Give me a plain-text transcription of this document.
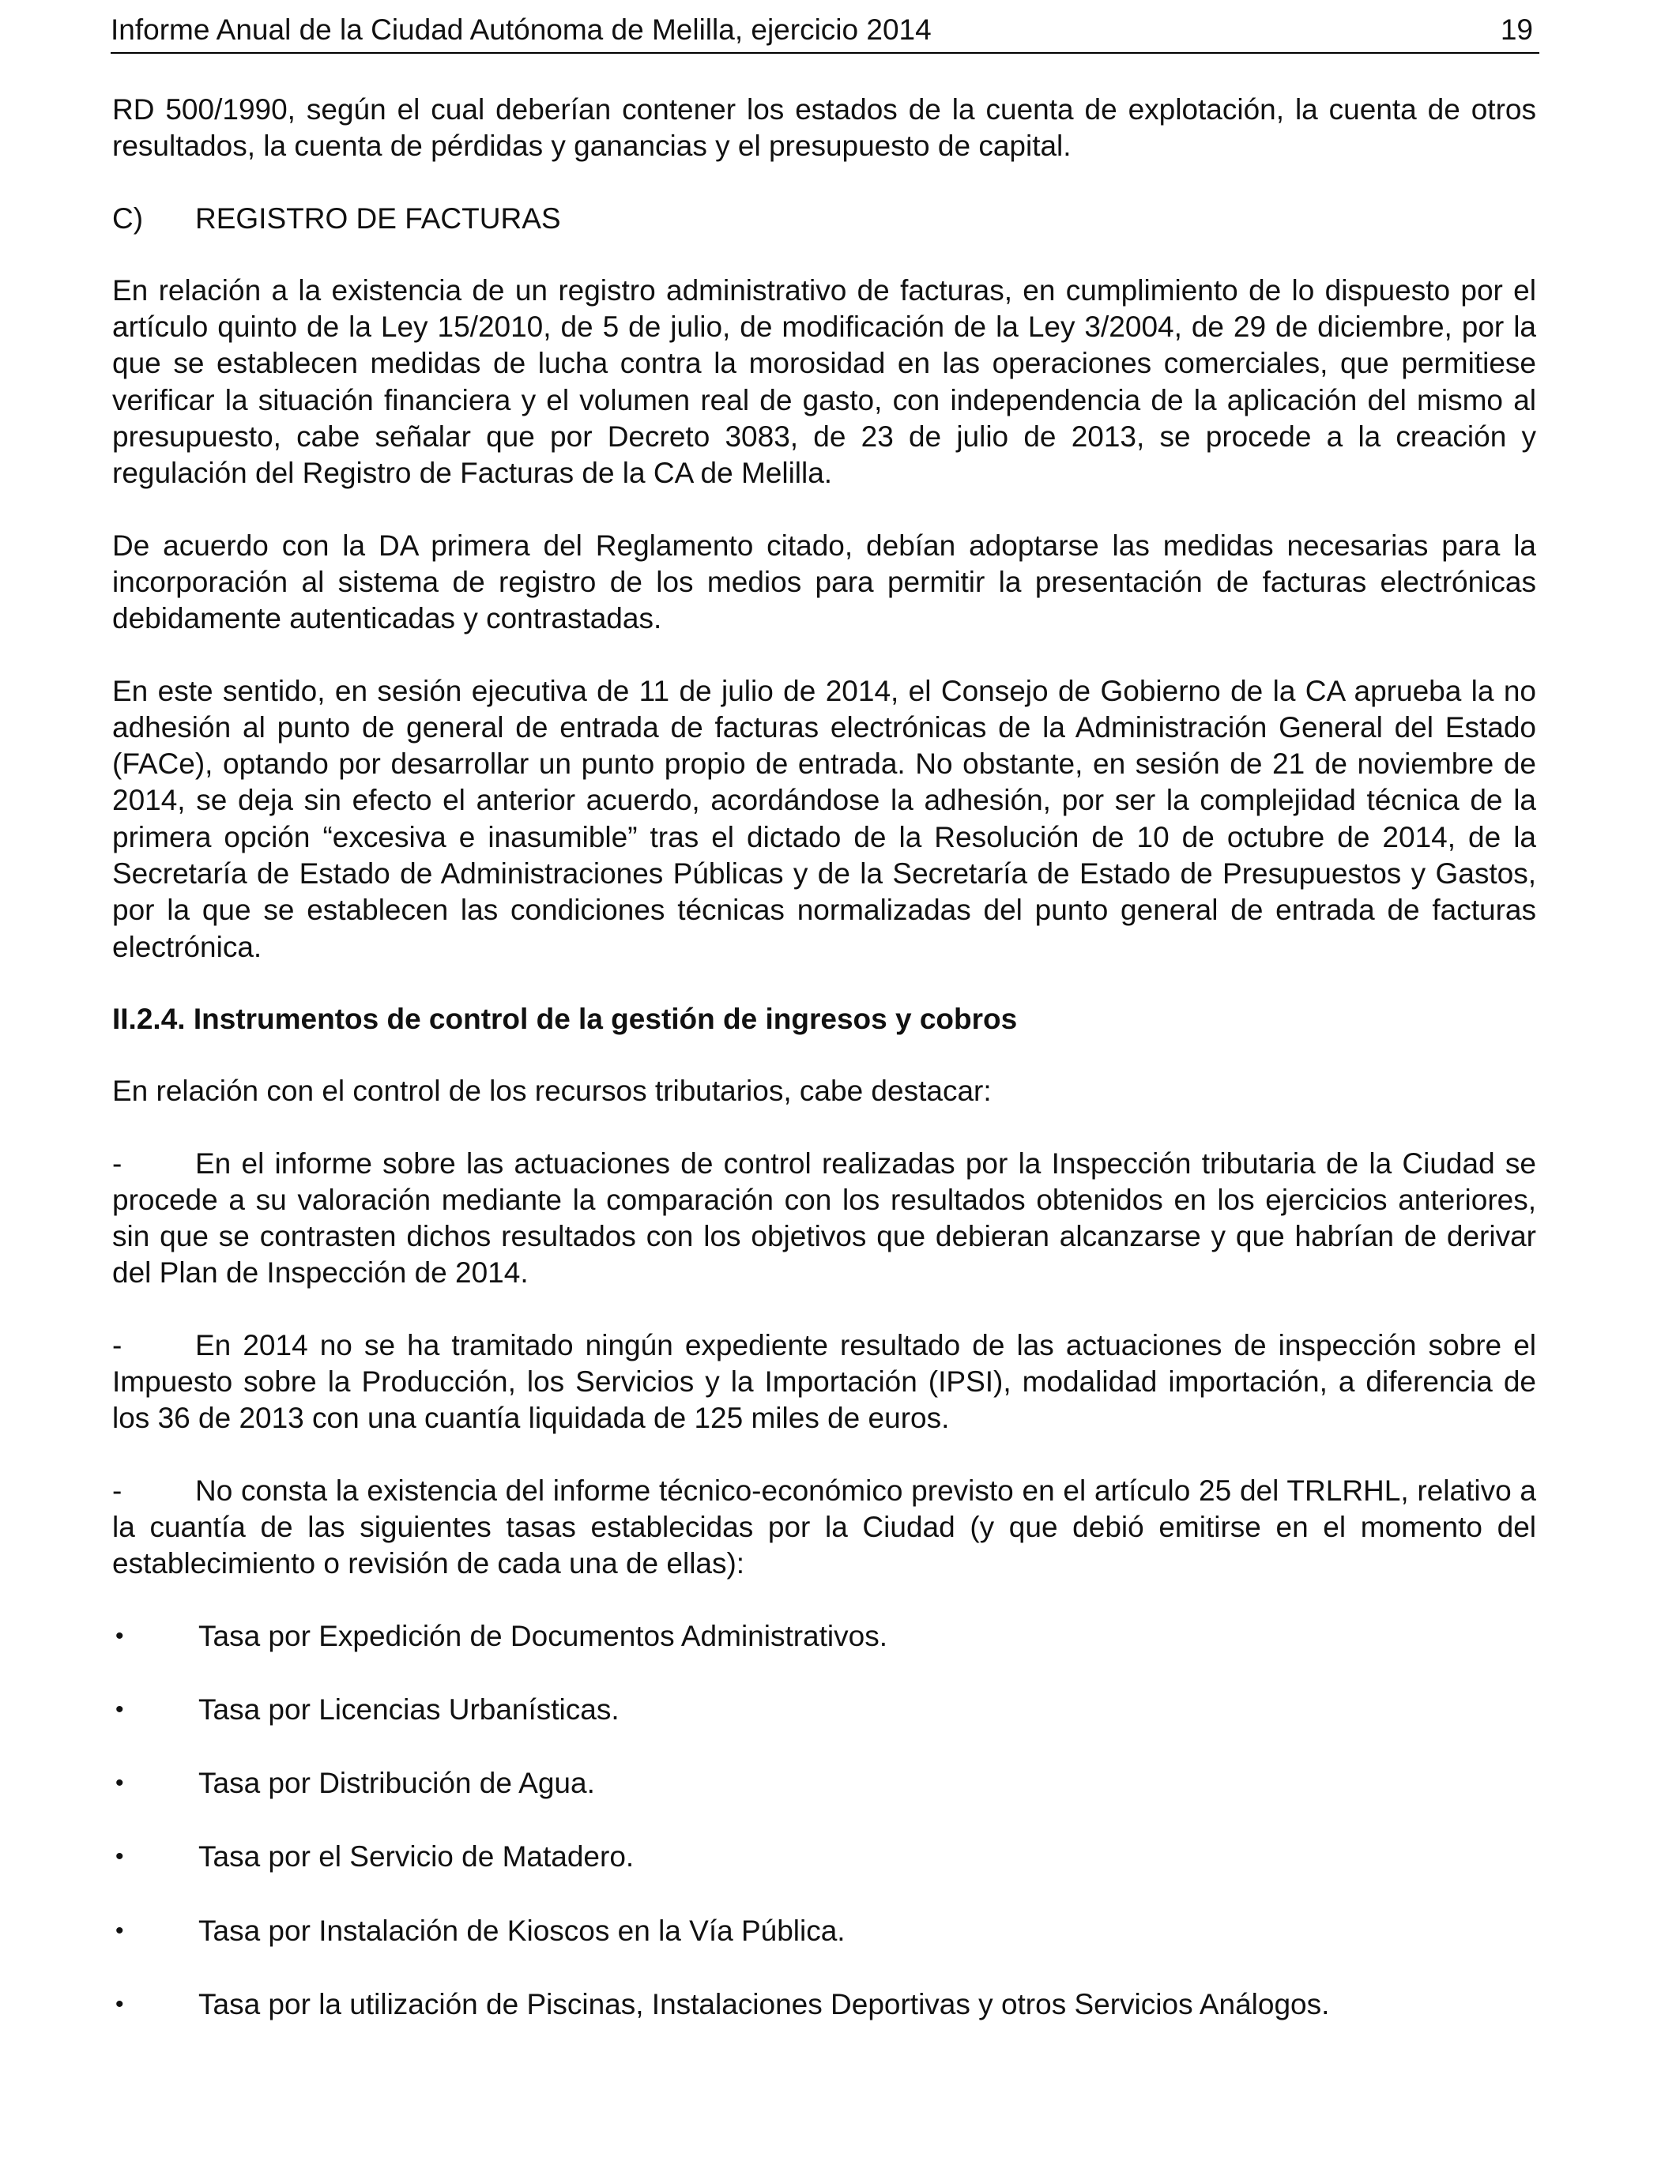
Informe Anual de la Ciudad Autónoma de Melilla, ejercicio 2014	19

RD 500/1990, según el cual deberían contener los estados de la cuenta de explotación, la cuenta de otros resultados, la cuenta de pérdidas y ganancias y el presupuesto de capital.

C)	REGISTRO DE FACTURAS

En relación a la existencia de un registro administrativo de facturas, en cumplimiento de lo dispuesto por el artículo quinto de la Ley 15/2010, de 5 de julio, de modificación de la Ley 3/2004, de 29 de diciembre, por la que se establecen medidas de lucha contra la morosidad en las operaciones comerciales, que permitiese verificar la situación financiera y el volumen real de gasto, con independencia de la aplicación del mismo al presupuesto, cabe señalar que por Decreto 3083, de 23 de julio de 2013, se procede a la creación y regulación del Registro de Facturas de la CA de Melilla.

De acuerdo con la DA primera del Reglamento citado, debían adoptarse las medidas necesarias para la incorporación al sistema de registro de los medios para permitir la presentación de facturas electrónicas debidamente autenticadas y contrastadas.

En este sentido, en sesión ejecutiva de 11 de julio de 2014, el Consejo de Gobierno de la CA aprueba la no adhesión al punto de general de entrada de facturas electrónicas de la Administración General del Estado (FACe), optando por desarrollar un punto propio de entrada. No obstante, en sesión de 21 de noviembre de 2014, se deja sin efecto el anterior acuerdo, acordándose la adhesión, por ser la complejidad técnica de la primera opción “excesiva e inasumible” tras el dictado de la Resolución de 10 de octubre de 2014, de la Secretaría de Estado de Administraciones Públicas y de la Secretaría de Estado de Presupuestos y Gastos, por la que se establecen las condiciones técnicas normalizadas del punto general de entrada de facturas electrónica.

II.2.4. Instrumentos de control de la gestión de ingresos y cobros

En relación con el control de los recursos tributarios, cabe destacar:

-	En el informe sobre las actuaciones de control realizadas por la Inspección tributaria de la Ciudad se procede a su valoración mediante la comparación con los resultados obtenidos en los ejercicios anteriores, sin que se contrasten dichos resultados con los objetivos que debieran alcanzarse y que habrían de derivar del Plan de Inspección de 2014.
-	En 2014 no se ha tramitado ningún expediente resultado de las actuaciones de inspección sobre el Impuesto sobre la Producción, los Servicios y la Importación (IPSI), modalidad importación, a diferencia de los 36 de 2013 con una cuantía liquidada de 125 miles de euros.
-	No consta la existencia del informe técnico-económico previsto en el artículo 25 del TRLRHL, relativo a la cuantía de las siguientes tasas establecidas por la Ciudad (y que debió emitirse en el momento del establecimiento o revisión de cada una de ellas):
•	Tasa por Expedición de Documentos Administrativos.
•	Tasa por Licencias Urbanísticas.
•	Tasa por Distribución de Agua.
•	Tasa por el Servicio de Matadero.
•	Tasa por Instalación de Kioscos en la Vía Pública.
•	Tasa por la utilización de Piscinas, Instalaciones Deportivas y otros Servicios Análogos.
